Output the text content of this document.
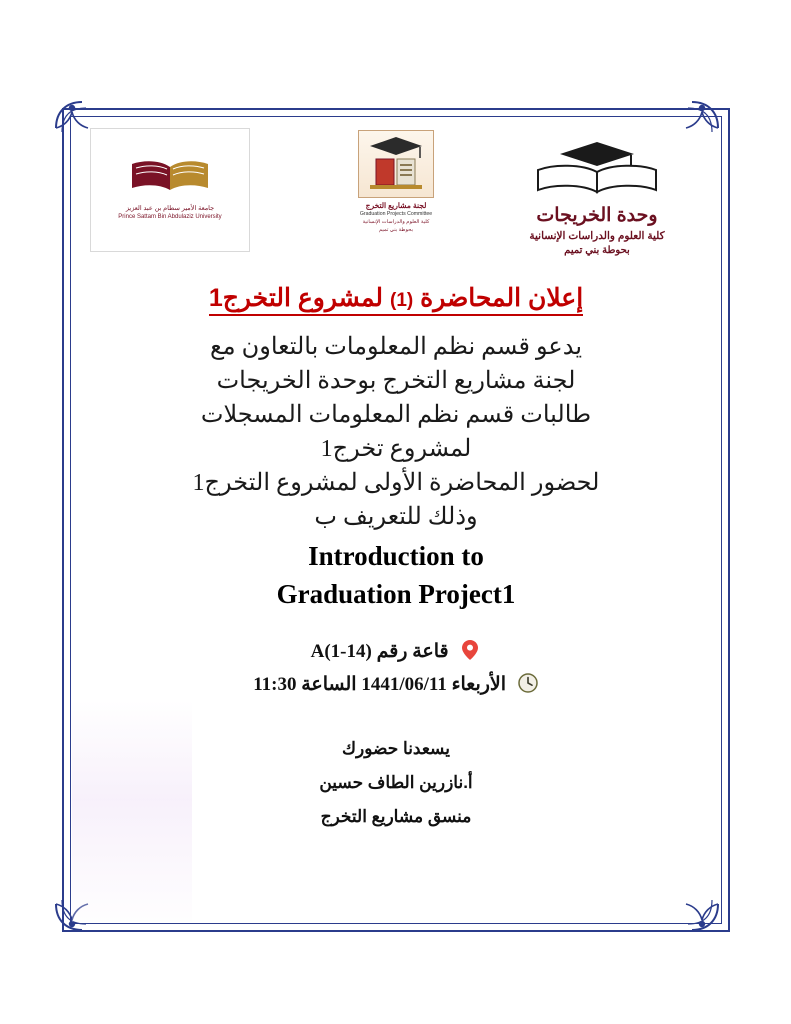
جامعة الأمير سطام بن عبد العزيز
Prince Sattam Bin Abdulaziz University
لجنة مشاريع التخرج
Graduation Projects Committee
كلية العلوم والدراسات الإنسانية
بحوطة بني تميم
وحدة الخريجات
كلية العلوم والدراسات الإنسانية
بحوطة بني تميم
إعلان المحاضرة (1) لمشروع التخرج1
يدعو قسم نظم المعلومات بالتعاون مع
لجنة مشاريع التخرج بوحدة الخريجات
طالبات قسم نظم المعلومات المسجلات
لمشروع تخرج1
لحضور المحاضرة الأولى لمشروع التخرج1
وذلك للتعريف ب
Introduction to
Graduation Project1
قاعة رقم (14-1)A
الأربعاء 1441/06/11 الساعة 11:30
يسعدنا حضورك
أ.نازرين الطاف حسين
منسق مشاريع التخرج
